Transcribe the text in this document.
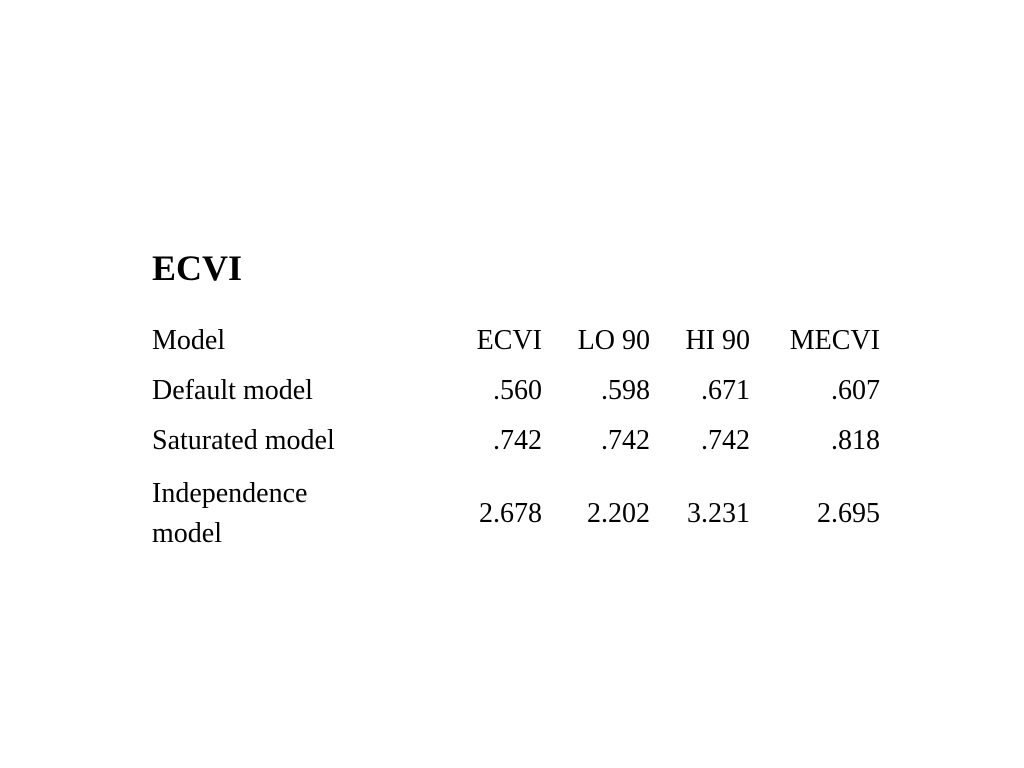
ECVI
Model	ECVI	LO 90	HI 90	MECVI
Default model	.560	.598	.671	.607
Saturated model	.742	.742	.742	.818

Independence model	2.678	2.202	3.231	2.695
